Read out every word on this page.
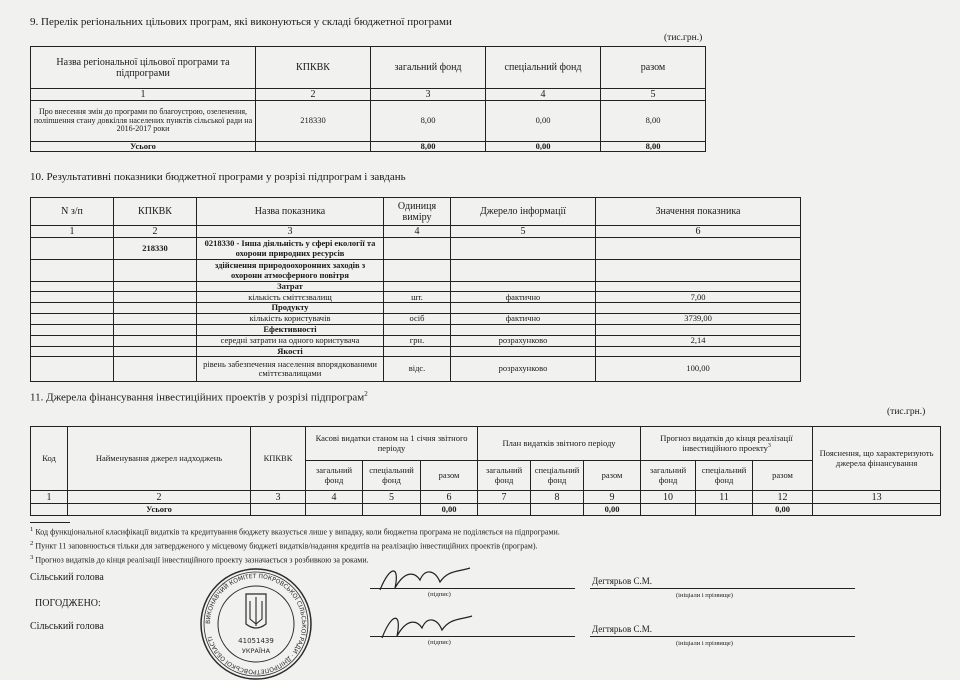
9. Перелік регіональних цільових програм, які виконуються у складі бюджетної програми
(тис.грн.)
Назва регіональної цільової програми та підпрограми	КПКВК	загальний фонд	спеціальний фонд	разом
1	2	3	4	5
Про внесення змін до програми по благоустрою, озеленення, поліпшення стану довкілля населених пунктів сільської ради на 2016-2017 роки	218330	8,00	0,00	8,00
Усього		8,00	0,00	8,00
10. Результативні показники бюджетної програми у розрізі підпрограм і завдань
N з/п	КПКВК	Назва показника	Одиниця виміру	Джерело інформації	Значення показника
1	2	3	4	5	6
	218330	0218330 - Інша діяльність у сфері екології та охорони природних ресурсів			
		здійснення природоохоронних заходів з охорони атмосферного повітря			
		Затрат			
		кількість сміттєзвалищ	шт.	фактично	7,00
		Продукту			
		кількість користувачів	осіб	фактично	3739,00
		Ефективності			
		середні затрати на одного користувача	грн.	розрахунково	2,14
		Якості			
		рівень забезпечення населення впорядкованими сміттєзвалищами	відс.	розрахунково	100,00
11. Джерела фінансування інвестиційних проектів у розрізі підпрограм$^2$
(тис.грн.)
Код	Найменування джерел надходжень	КПКВК	Касові видатки станом на 1 січня звітного періоду			План видатків звітного періоду			Прогноз видатків до кінця реалізації інвестиційного проекту$^3$			Пояснення, що характеризують джерела фінансування
			загальний фонд	спеціальний фонд	разом	загальний фонд	спеціальний фонд	разом	загальний фонд	спеціальний фонд	разом	
1	2	3	4	5	6	7	8	9	10	11	12	13
	Усього				0,00			0,00			0,00	
$^1$ Код функціональної класифікації видатків та кредитування бюджету вказується лише у випадку, коли бюджетна програма не поділяється на підпрограми.
$^2$ Пункт 11 заповнюється тільки для затвердженого у місцевому бюджеті видатків/надання кредитів на реалізацію інвестиційних проектів (програм).
$^3$ Прогноз видатків до кінця реалізації інвестиційного проекту зазначається з розбивкою за роками.
Сільський голова
ПОГОДЖЕНО:
Сільський голова
(підпис)
(підпис)
Дегтярьов С.М.
Дегтярьов С.М.
(ініціали і прізвище)
(ініціали і прізвище)
ВИКОНАВЧИЙ КОМІТЕТ ПОКРОВСЬКОЇ СІЛЬСЬКОЇ РАДИ · ДНІПРОПЕТРОВСЬКОЇ ОБЛАСТІ	41051439
УКРАЇНА
